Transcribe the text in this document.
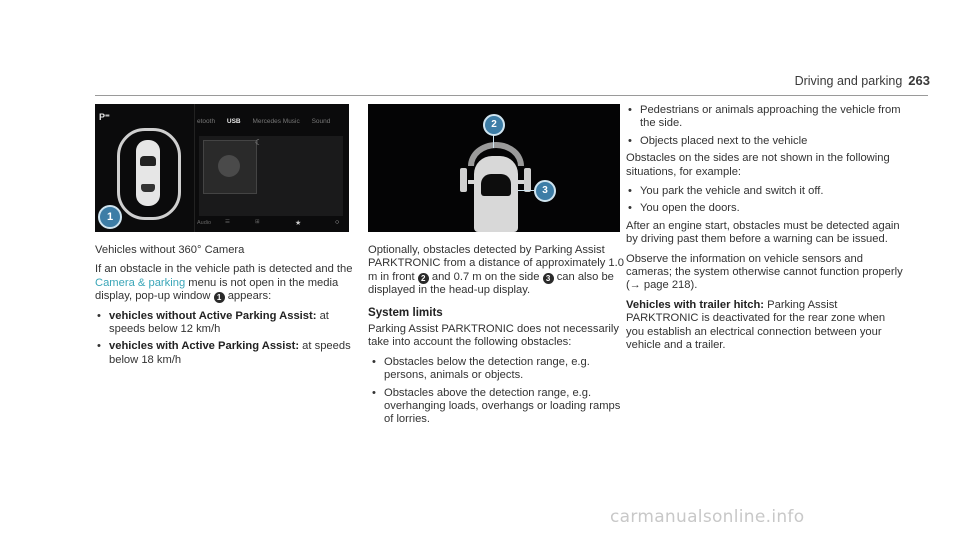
Driving and parking 263
P⁼	etooth USB Mercedes Music Sound
☾
Audio	☰	⊞	★	○
1
2
3

Vehicles without 360° Camera

If an obstacle in the vehicle path is detected and the Camera & parking menu is not open in the media display, pop-up window 1 appears:

• vehicles without Active Parking Assist: at speeds below 12 km/h
• vehicles with Active Parking Assist: at speeds below 18 km/h

Optionally, obstacles detected by Parking Assist PARKTRONIC from a distance of approximately 1.0 m in front 2 and 0.7 m on the side 3 can also be displayed in the head-up display.

System limits

Parking Assist PARKTRONIC does not necessarily take into account the following obstacles:

• Obstacles below the detection range, e.g. persons, animals or objects.
• Obstacles above the detection range, e.g. overhanging loads, overhangs or loading ramps of lorries.
• Pedestrians or animals approaching the vehicle from the side.
• Objects placed next to the vehicle

Obstacles on the sides are not shown in the following situations, for example:

• You park the vehicle and switch it off.
• You open the doors.

After an engine start, obstacles must be detected again by driving past them before a warning can be issued.

Observe the information on vehicle sensors and cameras; the system otherwise cannot function properly (→ page 218).

Vehicles with trailer hitch: Parking Assist PARKTRONIC is deactivated for the rear zone when you establish an electrical connection between your vehicle and a trailer.

carmanualsonline.info
